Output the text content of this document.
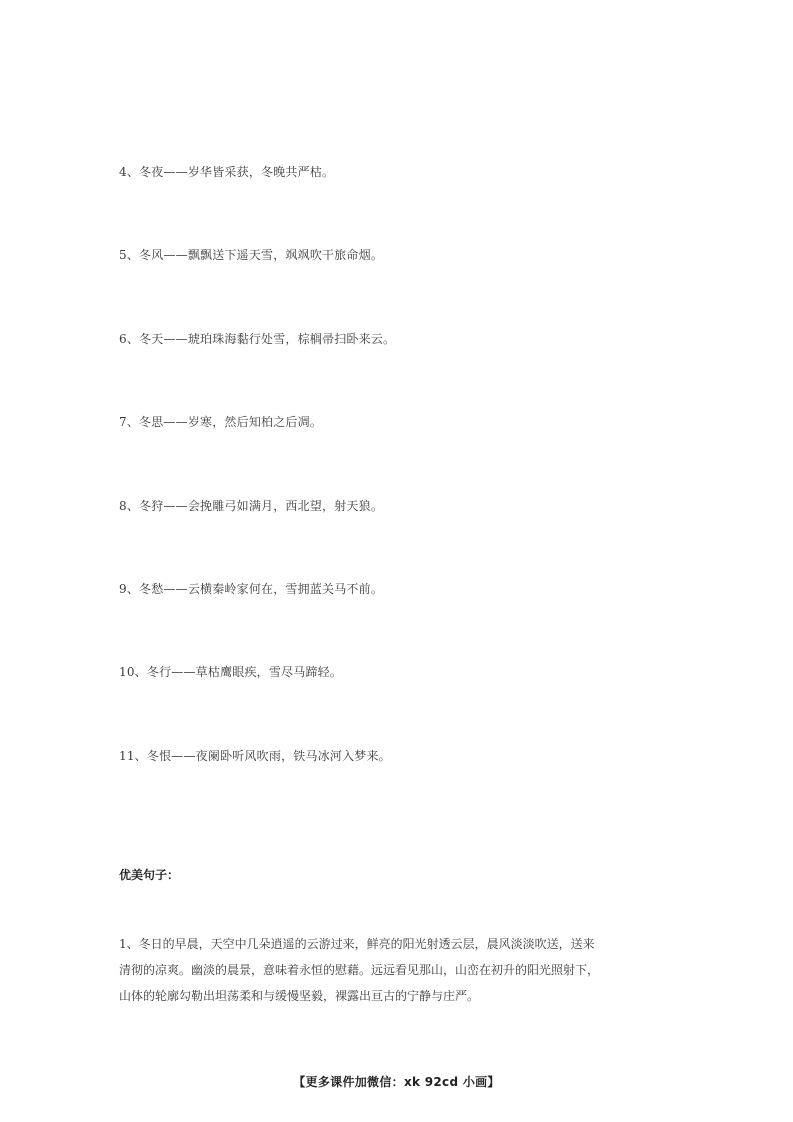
4、冬夜——岁华皆采获，冬晚共严枯。
5、冬风——飘飘送下遥天雪，飒飒吹干旅命烟。
6、冬天——琥珀珠海黏行处雪，棕榈帚扫卧来云。
7、冬思——岁寒，然后知柏之后凋。
8、冬狩——会挽雕弓如满月，西北望，射天狼。
9、冬愁——云横秦岭家何在，雪拥蓝关马不前。
10、冬行——草枯鹰眼疾，雪尽马蹄轻。
11、冬恨——夜阑卧听风吹雨，铁马冰河入梦来。
优美句子：
1、冬日的早晨，天空中几朵逍遥的云游过来，鲜亮的阳光射透云层，晨风淡淡吹送，送来
清彻的凉爽。幽淡的晨景，意味着永恒的慰藉。远远看见那山，山峦在初升的阳光照射下，
山体的轮廓勾勒出坦荡柔和与缓慢坚毅，裸露出亘古的宁静与庄严。
【更多课件加微信：xk 92cd 小画】
